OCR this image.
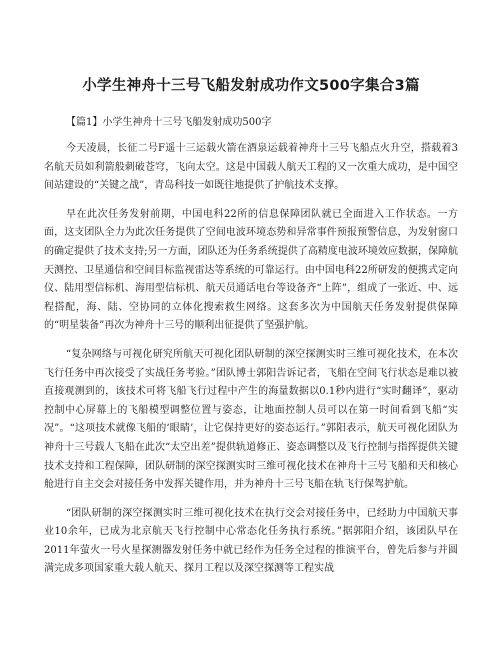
小学生神舟十三号飞船发射成功作文500字集合3篇
【篇1】小学生神舟十三号飞船发射成功500字

今天凌晨，长征二号F遥十三运载火箭在酒泉运载着神舟十三号飞船点火升空，搭载着3名航天员如利箭般刺破苍穹，飞向太空。这是中国载人航天工程的又一次重大成功，是中国空间站建设的“关键之战”，青岛科技一如既往地提供了护航技术支撑。

早在此次任务发射前期，中国电科22所的信息保障团队就已全面进入工作状态。一方面，这支团队全力为此次任务提供了空间电波环境态势和异常事件预报预警信息，为发射窗口的确定提供了技术支持;另一方面，团队还为任务系统提供了高精度电波环境效应数据，保障航天测控、卫星通信和空间目标监视雷达等系统的可靠运行。由中国电科22所研发的便携式定向仪、陆用型信标机、海用型信标机、航天员通话电台等设备齐“上阵”，组成了一张近、中、远程搭配，海、陆、空协同的立体化搜索救生网络。这套多次为中国航天任务发射提供保障的“明星装备”再次为神舟十三号的顺利出征提供了坚强护航。

“复杂网络与可视化研究所航天可视化团队研制的深空探测实时三维可视化技术，在本次飞行任务中再次接受了实战任务考验。”团队博士郭阳告诉记者，飞船在空间飞行状态是难以被直接观测到的，该技术可将飞船飞行过程中产生的海量数据以0.1秒内进行“实时翻译”，驱动控制中心屏幕上的飞船模型调整位置与姿态，让地面控制人员可以在第一时间看到飞船“实况”。“这项技术就像飞船的‘眼睛’，让它保持更好的姿态运行。”郭阳表示，航天可视化团队为神舟十三号载人飞船在此次“太空出差”提供轨道修正、姿态调整以及飞行控制与指挥提供关键技术支持和工程保障，团队研制的深空探测实时三维可视化技术在神舟十三号飞船和天和核心舱进行自主交会对接任务中发挥关键作用，并为神舟十三号飞船在轨飞行保驾护航。

“团队研制的深空探测实时三维可视化技术在执行交会对接任务中，已经助力中国航天事业10余年，已成为北京航天飞行控制中心常态化任务执行系统。”据郭阳介绍，该团队早在2011年萤火一号火星探测器发射任务中就已经作为任务全过程的推演平台，曾先后参与并圆满完成多项国家重大载人航天、探月工程以及深空探测等工程实战
